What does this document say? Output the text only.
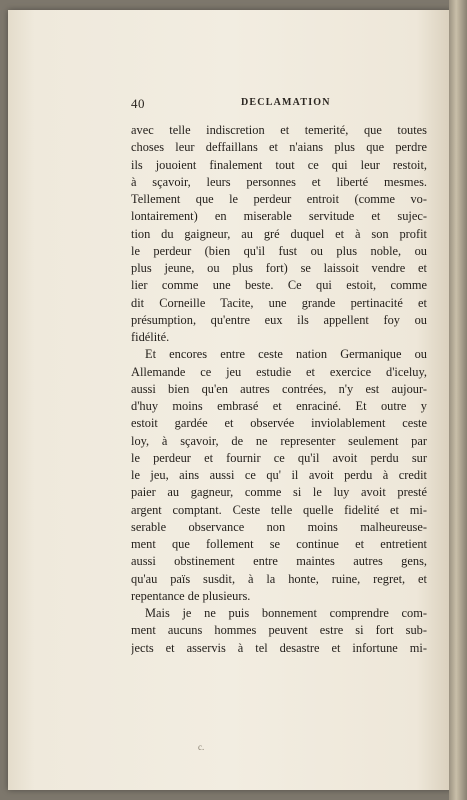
40	DECLAMATION
avec telle indiscretion et temerité, que toutes
choses leur deffaillans et n'aians plus que perdre
ils jouoient finalement tout ce qui leur restoit,
à sçavoir, leurs personnes et liberté mesmes.
Tellement que le perdeur entroit (comme vo-
lontairement) en miserable servitude et sujec-
tion du gaigneur, au gré duquel et à son profit
le perdeur (bien qu'il fust ou plus noble, ou
plus jeune, ou plus fort) se laissoit vendre et
lier comme une beste. Ce qui estoit, comme
dit Corneille Tacite, une grande pertinacité et
présumption, qu'entre eux ils appellent foy ou
fidélité.
Et encores entre ceste nation Germanique ou
Allemande ce jeu estudie et exercice d'iceluy,
aussi bien qu'en autres contrées, n'y est aujour-
d'huy moins embrasé et enraciné. Et outre y
estoit gardée et observée inviolablement ceste
loy, à sçavoir, de ne representer seulement par
le perdeur et fournir ce qu'il avoit perdu sur
le jeu, ains aussi ce qu' il avoit perdu à credit
paier au gagneur, comme si le luy avoit presté
argent comptant. Ceste telle quelle fidelité et mi-
serable observance non moins malheureuse-
ment que follement se continue et entretient
aussi obstinement entre maintes autres gens,
qu'au païs susdit, à la honte, ruine, regret, et
repentance de plusieurs.
Mais je ne puis bonnement comprendre com-
ment aucuns hommes peuvent estre si fort sub-
jects et asservis à tel desastre et infortune mi-
c.
